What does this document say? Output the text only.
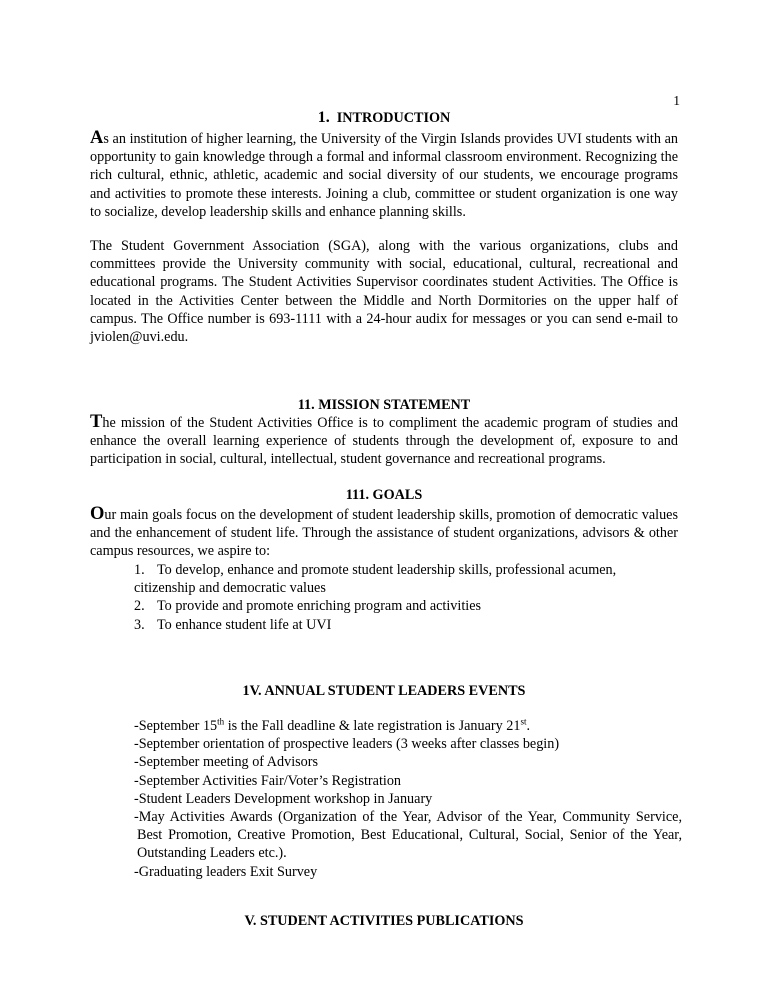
1
1. INTRODUCTION

As an institution of higher learning, the University of the Virgin Islands provides UVI students with an opportunity to gain knowledge through a formal and informal classroom environment. Recognizing the rich cultural, ethnic, athletic, academic and social diversity of our students, we encourage programs and activities to promote these interests. Joining a club, committee or student organization is one way to socialize, develop leadership skills and enhance planning skills.

The Student Government Association (SGA), along with the various organizations, clubs and committees provide the University community with social, educational, cultural, recreational and educational programs. The Student Activities Supervisor coordinates student Activities. The Office is located in the Activities Center between the Middle and North Dormitories on the upper half of campus. The Office number is 693-1111 with a 24-hour audix for messages or you can send e-mail to jviolen@uvi.edu.

11. MISSION STATEMENT

The mission of the Student Activities Office is to compliment the academic program of studies and enhance the overall learning experience of students through the development of, exposure to and participation in social, cultural, intellectual, student governance and recreational programs.

111. GOALS

Our main goals focus on the development of student leadership skills, promotion of democratic values and the enhancement of student life. Through the assistance of student organizations, advisors & other campus resources, we aspire to:

1. To develop, enhance and promote student leadership skills, professional acumen,
citizenship and democratic values
2. To provide and promote enriching program and activities
3. To enhance student life at UVI
1V. ANNUAL STUDENT LEADERS EVENTS
-September 15th is the Fall deadline & late registration is January 21st.
-September orientation of prospective leaders (3 weeks after classes begin)
-September meeting of Advisors
-September Activities Fair/Voter’s Registration
-Student Leaders Development workshop in January
-May Activities Awards (Organization of the Year, Advisor of the Year, Community Service, Best Promotion, Creative Promotion, Best Educational, Cultural, Social, Senior of the Year, Outstanding Leaders etc.).
-Graduating leaders Exit Survey
V. STUDENT ACTIVITIES PUBLICATIONS
